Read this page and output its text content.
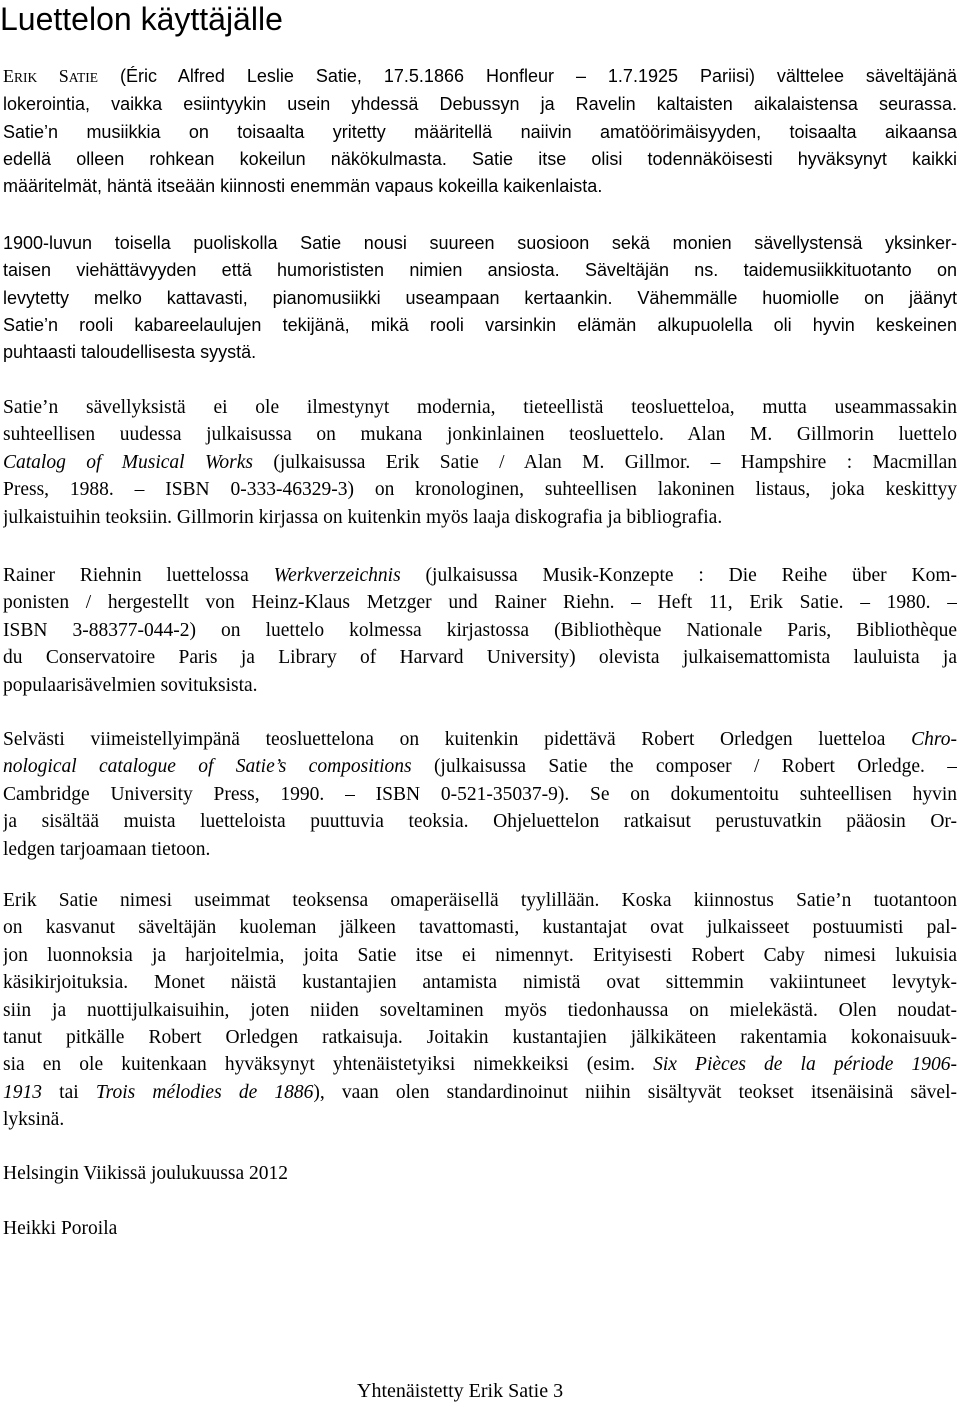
Luettelon käyttäjälle
ERIK SATIE (Éric Alfred Leslie Satie, 17.5.1866 Honfleur – 1.7.1925 Pariisi) välttelee säveltäjänä
lokerointia, vaikka esiintyykin usein yhdessä Debussyn ja Ravelin kaltaisten aikalaistensa seurassa.
Satie’n musiikkia on toisaalta yritetty määritellä naiivin amatöörimäisyyden, toisaalta aikaansa
edellä olleen rohkean kokeilun näkökulmasta. Satie itse olisi todennäköisesti hyväksynyt kaikki
määritelmät, häntä itseään kiinnosti enemmän vapaus kokeilla kaikenlaista.
1900-luvun toisella puoliskolla Satie nousi suureen suosioon sekä monien sävellystensä yksinker-
taisen viehättävyyden että humorististen nimien ansiosta. Säveltäjän ns. taidemusiikkituotanto on
levytetty melko kattavasti, pianomusiikki useampaan kertaankin. Vähemmälle huomiolle on jäänyt
Satie’n rooli kabareelaulujen tekijänä, mikä rooli varsinkin elämän alkupuolella oli hyvin keskeinen
puhtaasti taloudellisesta syystä.
Satie’n sävellyksistä ei ole ilmestynyt modernia, tieteellistä teosluetteloa, mutta useammassakin
suhteellisen uudessa julkaisussa on mukana jonkinlainen teosluettelo. Alan M. Gillmorin luettelo
Catalog of Musical Works (julkaisussa Erik Satie / Alan M. Gillmor. – Hampshire : Macmillan
Press, 1988. – ISBN 0-333-46329-3) on kronologinen, suhteellisen lakoninen listaus, joka keskittyy
julkaistuihin teoksiin. Gillmorin kirjassa on kuitenkin myös laaja diskografia ja bibliografia.
Rainer Riehnin luettelossa Werkverzeichnis (julkaisussa Musik-Konzepte : Die Reihe über Kom-
ponisten / hergestellt von Heinz-Klaus Metzger und Rainer Riehn. – Heft 11, Erik Satie. – 1980. –
ISBN 3-88377-044-2) on luettelo kolmessa kirjastossa (Bibliothèque Nationale Paris, Bibliothèque
du Conservatoire Paris ja Library of Harvard University) olevista julkaisemattomista lauluista ja
populaarisävelmien sovituksista.
Selvästi viimeistellyimpänä teosluettelona on kuitenkin pidettävä Robert Orledgen luetteloa Chro-
nological catalogue of Satie’s compositions (julkaisussa Satie the composer / Robert Orledge. –
Cambridge University Press, 1990. – ISBN 0-521-35037-9). Se on dokumentoitu suhteellisen hyvin
ja sisältää muista luetteloista puuttuvia teoksia. Ohjeluettelon ratkaisut perustuvatkin pääosin Or-
ledgen tarjoamaan tietoon.
Erik Satie nimesi useimmat teoksensa omaperäisellä tyylillään. Koska kiinnostus Satie’n tuotantoon
on kasvanut säveltäjän kuoleman jälkeen tavattomasti, kustantajat ovat julkaisseet postuumisti pal-
jon luonnoksia ja harjoitelmia, joita Satie itse ei nimennyt. Erityisesti Robert Caby nimesi lukuisia
käsikirjoituksia. Monet näistä kustantajien antamista nimistä ovat sittemmin vakiintuneet levytyk-
siin ja nuottijulkaisuihin, joten niiden soveltaminen myös tiedonhaussa on mielekästä. Olen noudat-
tanut pitkälle Robert Orledgen ratkaisuja. Joitakin kustantajien jälkikäteen rakentamia kokonaisuuk-
sia en ole kuitenkaan hyväksynyt yhtenäistetyiksi nimekkeiksi (esim. Six Pièces de la période 1906-
1913 tai Trois mélodies de 1886), vaan olen standardinoinut niihin sisältyvät teokset itsenäisinä sävel-
lyksinä.

Helsingin Viikissä joulukuussa 2012

Heikki Poroila

Yhtenäistetty Erik Satie 3
